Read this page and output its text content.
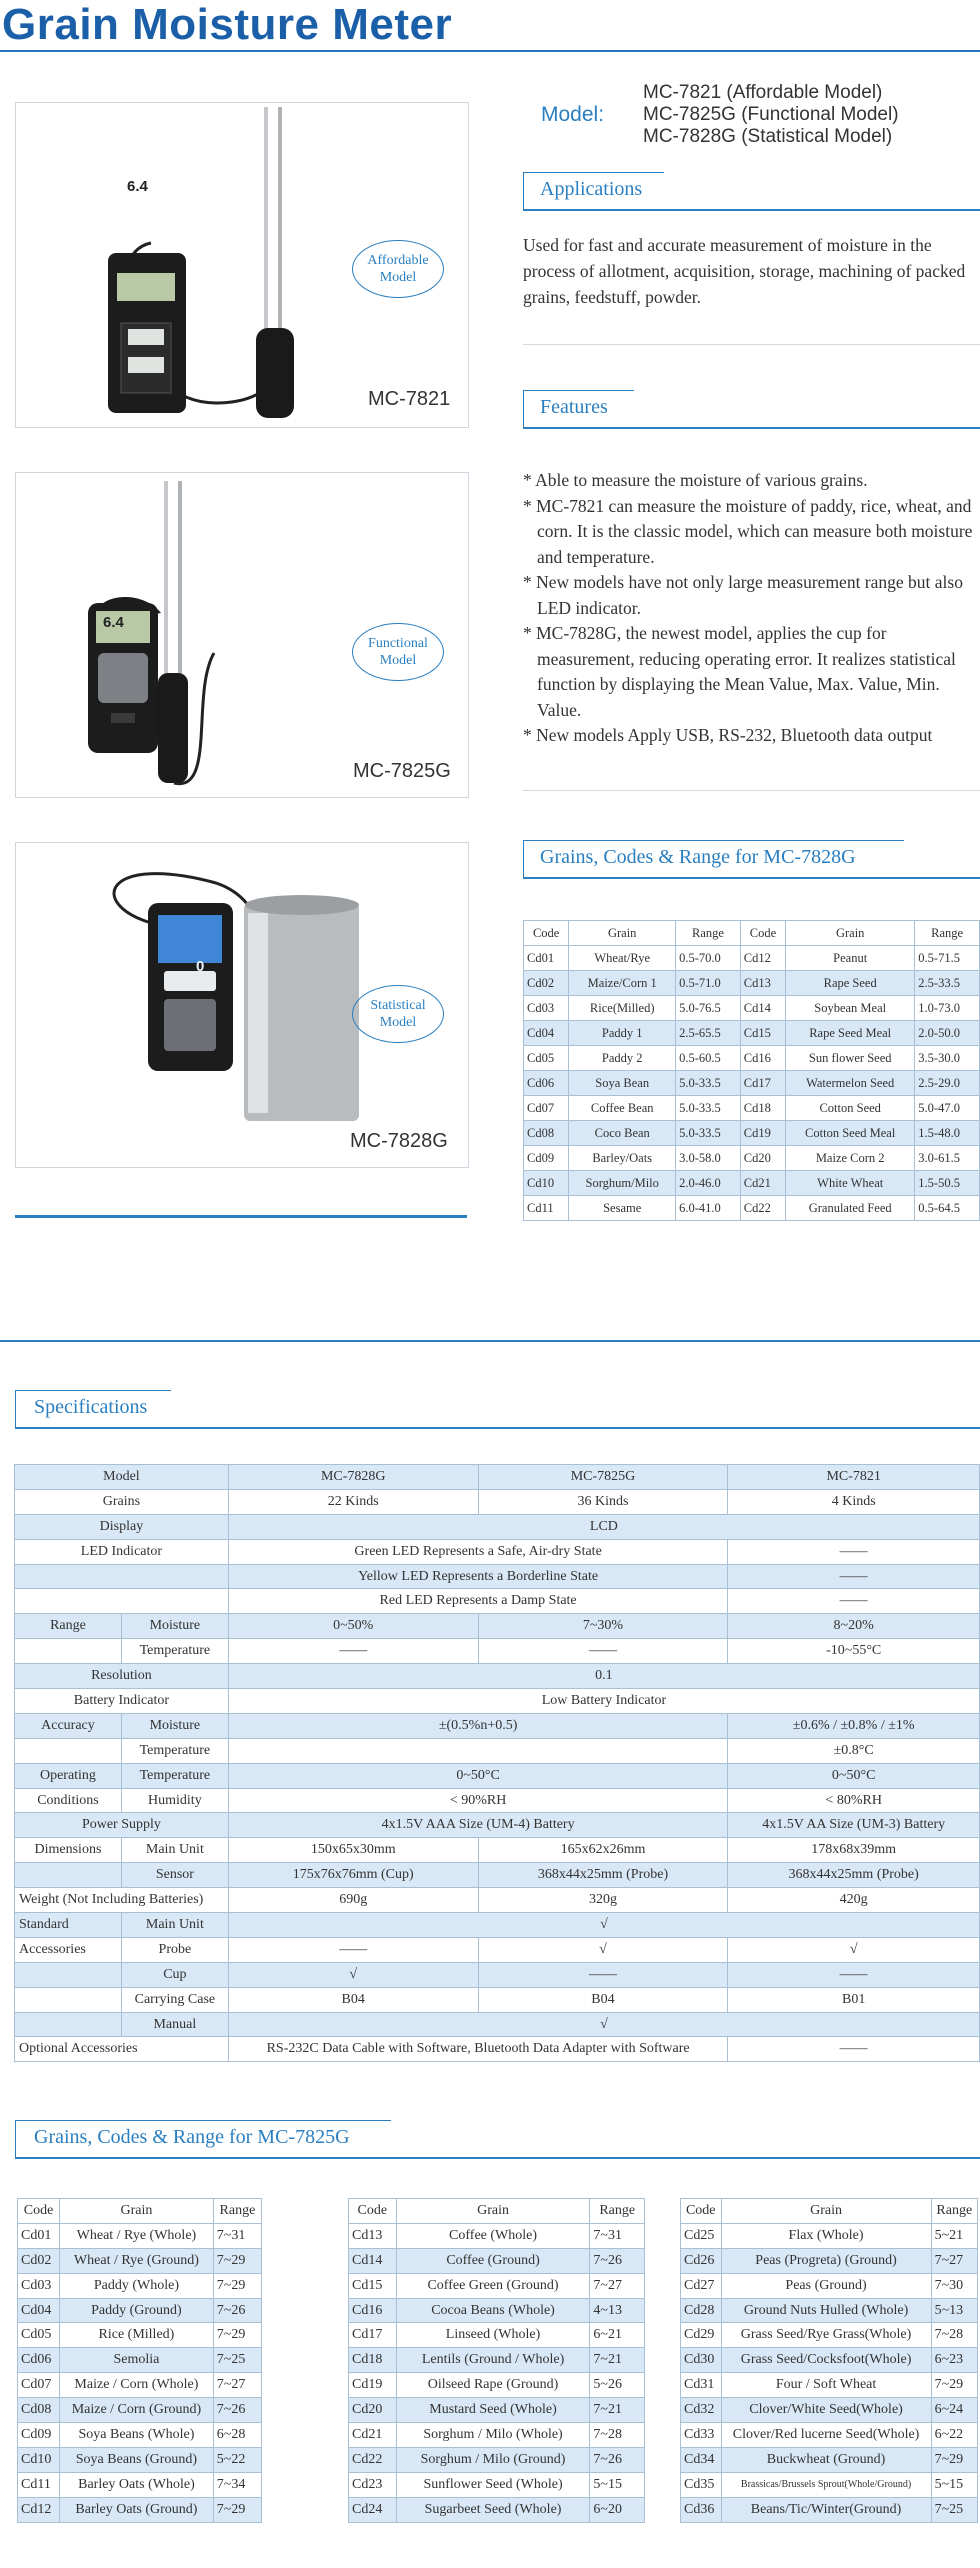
Grain Moisture Meter
Model:
MC-7821 (Affordable Model)
MC-7825G (Functional Model)
MC-7828G (Statistical Model)
6.4
Affordable
Model
MC-7821
6.4
Functional
Model
MC-7825G
0
Statistical
Model
MC-7828G
Applications
Used for fast and accurate measurement of moisture in the process of allotment, acquisition, storage, machining of packed grains, feedstuff, powder.
Features
* Able to measure the moisture of various grains.
* MC-7821 can measure the moisture of paddy, rice, wheat, and corn. It is the classic model, which can measure both moisture and temperature.
* New models have not only large measurement range but also LED indicator.
* MC-7828G, the newest model, applies the cup for measurement, reducing operating error. It realizes statistical function by displaying the Mean Value, Max. Value, Min. Value.
* New models Apply USB, RS-232, Bluetooth data output
Grains, Codes & Range for MC-7828G
Code	Grain	Range	Code	Grain	Range
Cd01	Wheat/Rye	0.5-70.0	Cd12	Peanut	0.5-71.5
Cd02	Maize/Corn 1	0.5-71.0	Cd13	Rape Seed	2.5-33.5
Cd03	Rice(Milled)	5.0-76.5	Cd14	Soybean Meal	1.0-73.0
Cd04	Paddy 1	2.5-65.5	Cd15	Rape Seed Meal	2.0-50.0
Cd05	Paddy 2	0.5-60.5	Cd16	Sun flower Seed	3.5-30.0
Cd06	Soya Bean	5.0-33.5	Cd17	Watermelon Seed	2.5-29.0
Cd07	Coffee Bean	5.0-33.5	Cd18	Cotton Seed	5.0-47.0
Cd08	Coco Bean	5.0-33.5	Cd19	Cotton Seed Meal	1.5-48.0
Cd09	Barley/Oats	3.0-58.0	Cd20	Maize Corn 2	3.0-61.5
Cd10	Sorghum/Milo	2.0-46.0	Cd21	White Wheat	1.5-50.5
Cd11	Sesame	6.0-41.0	Cd22	Granulated Feed	0.5-64.5
Specifications
Model		MC-7828G	MC-7825G	MC-7821
Grains		22 Kinds	36 Kinds	4 Kinds
Display		LCD		
LED Indicator		Green LED Represents a Safe, Air-dry State		——
		Yellow LED Represents a Borderline State		——
		Red LED Represents a Damp State		——
Range	Moisture	0~50%	7~30%	8~20%
	Temperature	——	——	-10~55°C
Resolution		0.1		
Battery Indicator		Low Battery Indicator		
Accuracy	Moisture	±(0.5%n+0.5)		±0.6% / ±0.8% / ±1%
	Temperature			±0.8°C
Operating	Temperature	0~50°C		0~50°C
Conditions	Humidity	< 90%RH		< 80%RH
Power Supply		4x1.5V AAA Size (UM-4) Battery		4x1.5V AA Size (UM-3) Battery
Dimensions	Main Unit	150x65x30mm	165x62x26mm	178x68x39mm
	Sensor	175x76x76mm (Cup)	368x44x25mm (Probe)	368x44x25mm (Probe)
Weight (Not Including Batteries)		690g	320g	420g
Standard	Main Unit	√		
Accessories	Probe	——	√	√
	Cup	√	——	——
	Carrying Case	B04	B04	B01
	Manual	√		
Optional Accessories		RS-232C Data Cable with Software, Bluetooth Data Adapter with Software		——
Grains, Codes & Range for MC-7825G
Code	Grain	Range
Cd01	Wheat / Rye (Whole)	7~31
Cd02	Wheat / Rye (Ground)	7~29
Cd03	Paddy (Whole)	7~29
Cd04	Paddy (Ground)	7~26
Cd05	Rice (Milled)	7~29
Cd06	Semolia	7~25
Cd07	Maize / Corn (Whole)	7~27
Cd08	Maize / Corn (Ground)	7~26
Cd09	Soya Beans (Whole)	6~28
Cd10	Soya Beans (Ground)	5~22
Cd11	Barley Oats (Whole)	7~34
Cd12	Barley Oats (Ground)	7~29
Code	Grain	Range
Cd13	Coffee (Whole)	7~31
Cd14	Coffee (Ground)	7~26
Cd15	Coffee Green (Ground)	7~27
Cd16	Cocoa Beans (Whole)	4~13
Cd17	Linseed (Whole)	6~21
Cd18	Lentils (Ground / Whole)	7~21
Cd19	Oilseed Rape (Ground)	5~26
Cd20	Mustard Seed (Whole)	7~21
Cd21	Sorghum / Milo (Whole)	7~28
Cd22	Sorghum / Milo (Ground)	7~26
Cd23	Sunflower Seed (Whole)	5~15
Cd24	Sugarbeet Seed (Whole)	6~20
Code	Grain	Range
Cd25	Flax (Whole)	5~21
Cd26	Peas (Progreta) (Ground)	7~27
Cd27	Peas (Ground)	7~30
Cd28	Ground Nuts Hulled (Whole)	5~13
Cd29	Grass Seed/Rye Grass(Whole)	7~28
Cd30	Grass Seed/Cocksfoot(Whole)	6~23
Cd31	Four / Soft Wheat	7~29
Cd32	Clover/White Seed(Whole)	6~24
Cd33	Clover/Red lucerne Seed(Whole)	6~22
Cd34	Buckwheat (Ground)	7~29
Cd35	Brassicas/Brussels Sprout(Whole/Ground)	5~15
Cd36	Beans/Tic/Winter(Ground)	7~25
